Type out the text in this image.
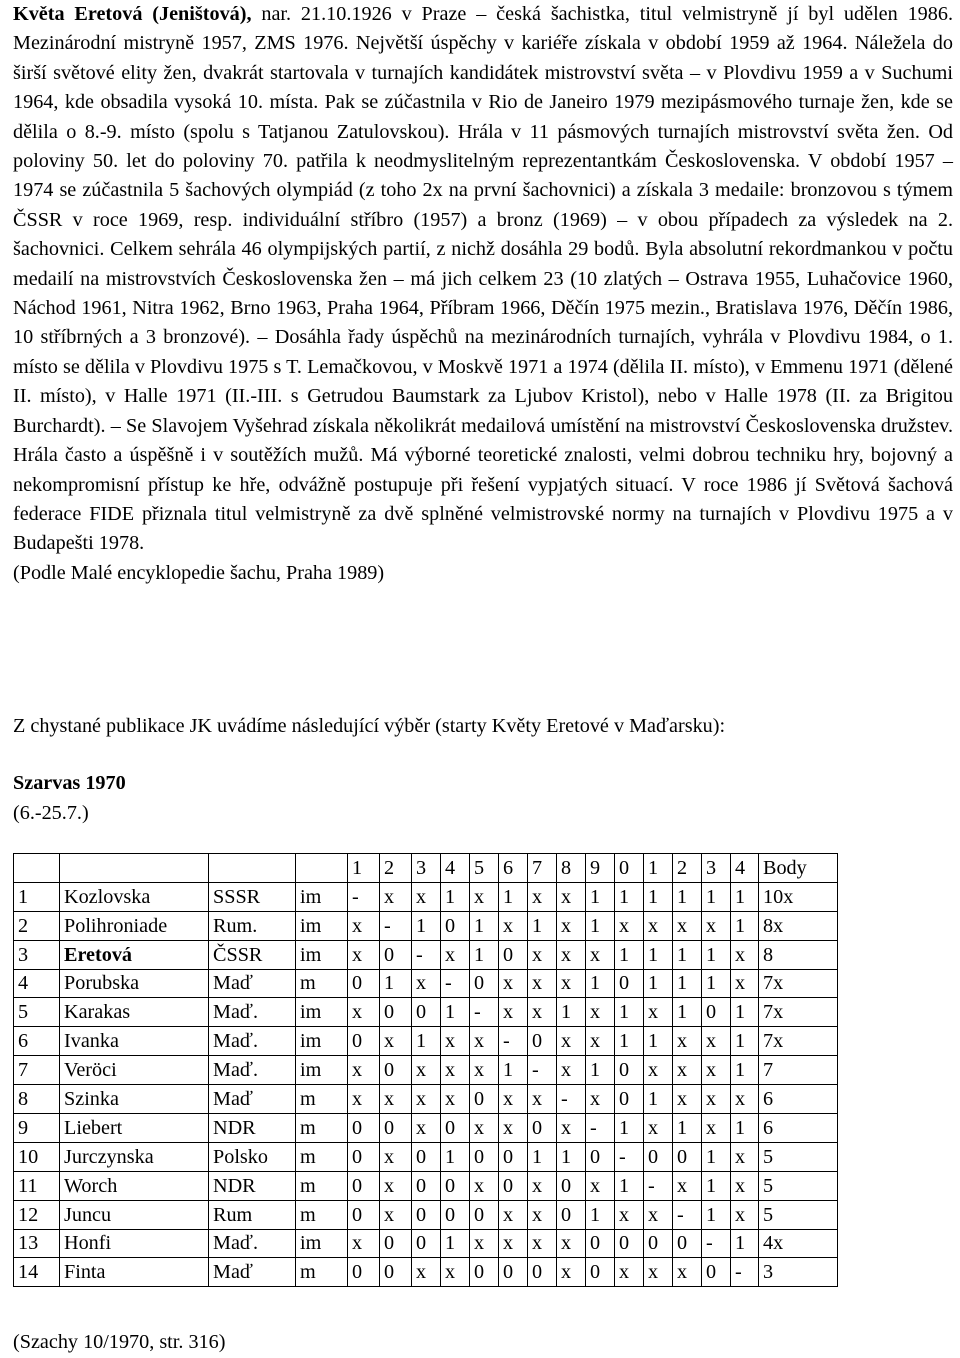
Květa Eretová (Jeništová), nar. 21.10.1926 v Praze – česká šachistka, titul velmistryně jí byl udělen 1986. Mezinárodní mistryně 1957, ZMS 1976. Největší úspěchy v kariéře získala v období 1959 až 1964. Náležela do širší světové elity žen, dvakrát startovala v turnajích kandidátek mistrovství světa – v Plovdivu 1959 a v Suchumi 1964, kde obsadila vysoká 10. místa. Pak se zúčastnila v Rio de Janeiro 1979 mezipásmového turnaje žen, kde se dělila o 8.-9. místo (spolu s Tatjanou Zatulovskou). Hrála v 11 pásmových turnajích mistrovství světa žen. Od poloviny 50. let do poloviny 70. patřila k neodmyslitelným reprezentantkám Československa. V období 1957 – 1974 se zúčastnila 5 šachových olympiád (z toho 2x na první šachovnici) a získala 3 medaile: bronzovou s týmem ČSSR v roce 1969, resp. individuální stříbro (1957) a bronz (1969) – v obou případech za výsledek na 2. šachovnici. Celkem sehrála 46 olympijských partií, z nichž dosáhla 29 bodů. Byla absolutní rekordmankou v počtu medailí na mistrovstvích Československa žen – má jich celkem 23 (10 zlatých – Ostrava 1955, Luhačovice 1960, Náchod 1961, Nitra 1962, Brno 1963, Praha 1964, Příbram 1966, Děčín 1975 mezin., Bratislava 1976, Děčín 1986, 10 stříbrných a 3 bronzové). – Dosáhla řady úspěchů na mezinárodních turnajích, vyhrála v Plovdivu 1984, o 1. místo se dělila v Plovdivu 1975 s T. Lemačkovou, v Moskvě 1971 a 1974 (dělila II. místo), v Emmenu 1971 (dělené II. místo), v Halle 1971 (II.-III. s Getrudou Baumstark za Ljubov Kristol), nebo v Halle 1978 (II. za Brigitou Burchardt). – Se Slavojem Vyšehrad získala několikrát medailová umístění na mistrovství Československa družstev. Hrála často a úspěšně i v soutěžích mužů. Má výborné teoretické znalosti, velmi dobrou techniku hry, bojovný a nekompromisní přístup ke hře, odvážně postupuje při řešení vypjatých situací. V roce 1986 jí Světová šachová federace FIDE přiznala titul velmistryně za dvě splněné velmistrovské normy na turnajích v Plovdivu 1975 a v Budapešti 1978.

(Podle Malé encyklopedie šachu, Praha 1989)

Z chystané publikace JK uvádíme následující výběr (starty Květy Eretové v Maďarsku):

Szarvas 1970

(6.-25.7.)

				1	2	3	4	5	6	7	8	9	0	1	2	3	4	Body
1	Kozlovska	SSSR	im	-	x	x	1	x	1	x	x	1	1	1	1	1	1	10x
2	Polihroniade	Rum.	im	x	-	1	0	1	x	1	x	1	x	x	x	x	1	8x
3	Eretová	ČSSR	im	x	0	-	x	1	0	x	x	x	1	1	1	1	x	8
4	Porubska	Maď	m	0	1	x	-	0	x	x	x	1	0	1	1	1	x	7x
5	Karakas	Maď.	im	x	0	0	1	-	x	x	1	x	1	x	1	0	1	7x
6	Ivanka	Maď.	im	0	x	1	x	x	-	0	x	x	1	1	x	x	1	7x
7	Veröci	Maď.	im	x	0	x	x	x	1	-	x	1	0	x	x	x	1	7
8	Szinka	Maď	m	x	x	x	x	0	x	x	-	x	0	1	x	x	x	6
9	Liebert	NDR	m	0	0	x	0	x	x	0	x	-	1	x	1	x	1	6
10	Jurczynska	Polsko	m	0	x	0	1	0	0	1	1	0	-	0	0	1	x	5
11	Worch	NDR	m	0	x	0	0	x	0	x	0	x	1	-	x	1	x	5
12	Juncu	Rum	m	0	x	0	0	0	x	x	0	1	x	x	-	1	x	5
13	Honfi	Maď.	im	x	0	0	1	x	x	x	x	0	0	0	0	-	1	4x
14	Finta	Maď	m	0	0	x	x	0	0	0	x	0	x	x	x	0	-	3

(Szachy 10/1970, str. 316)
